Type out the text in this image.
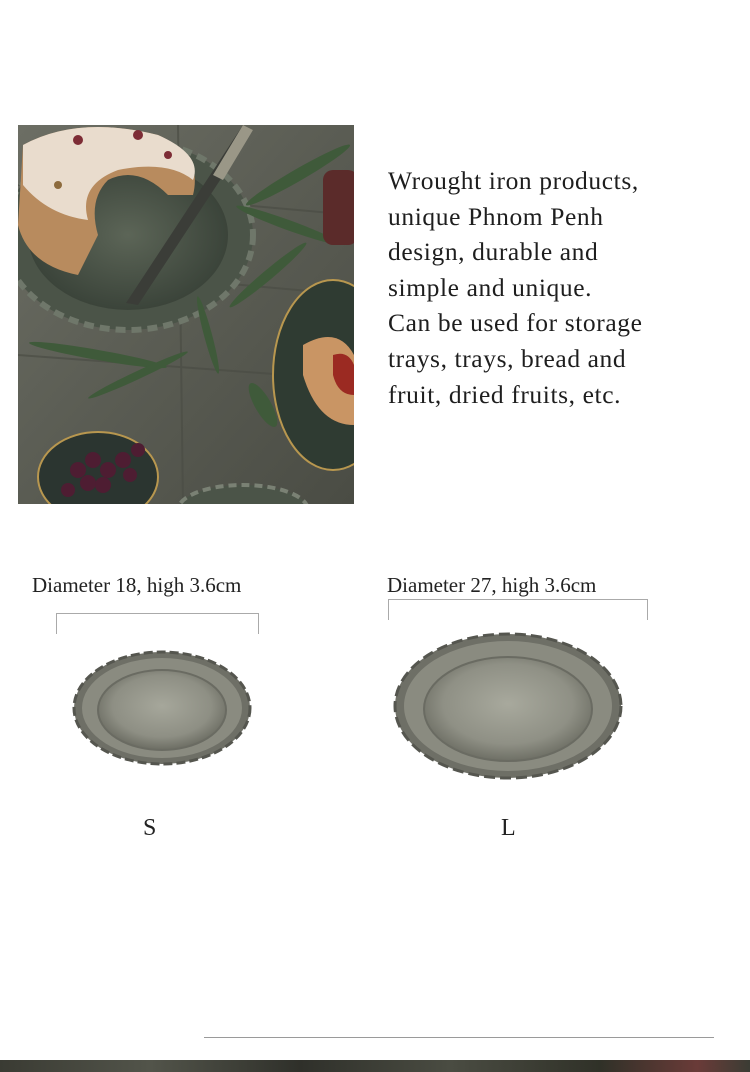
Wrought iron products,
unique Phnom Penh
design, durable and
simple and unique.
Can be used for storage
trays, trays, bread and
fruit, dried fruits, etc.
Diameter 18, high 3.6cm
S
Diameter 27, high 3.6cm
L
